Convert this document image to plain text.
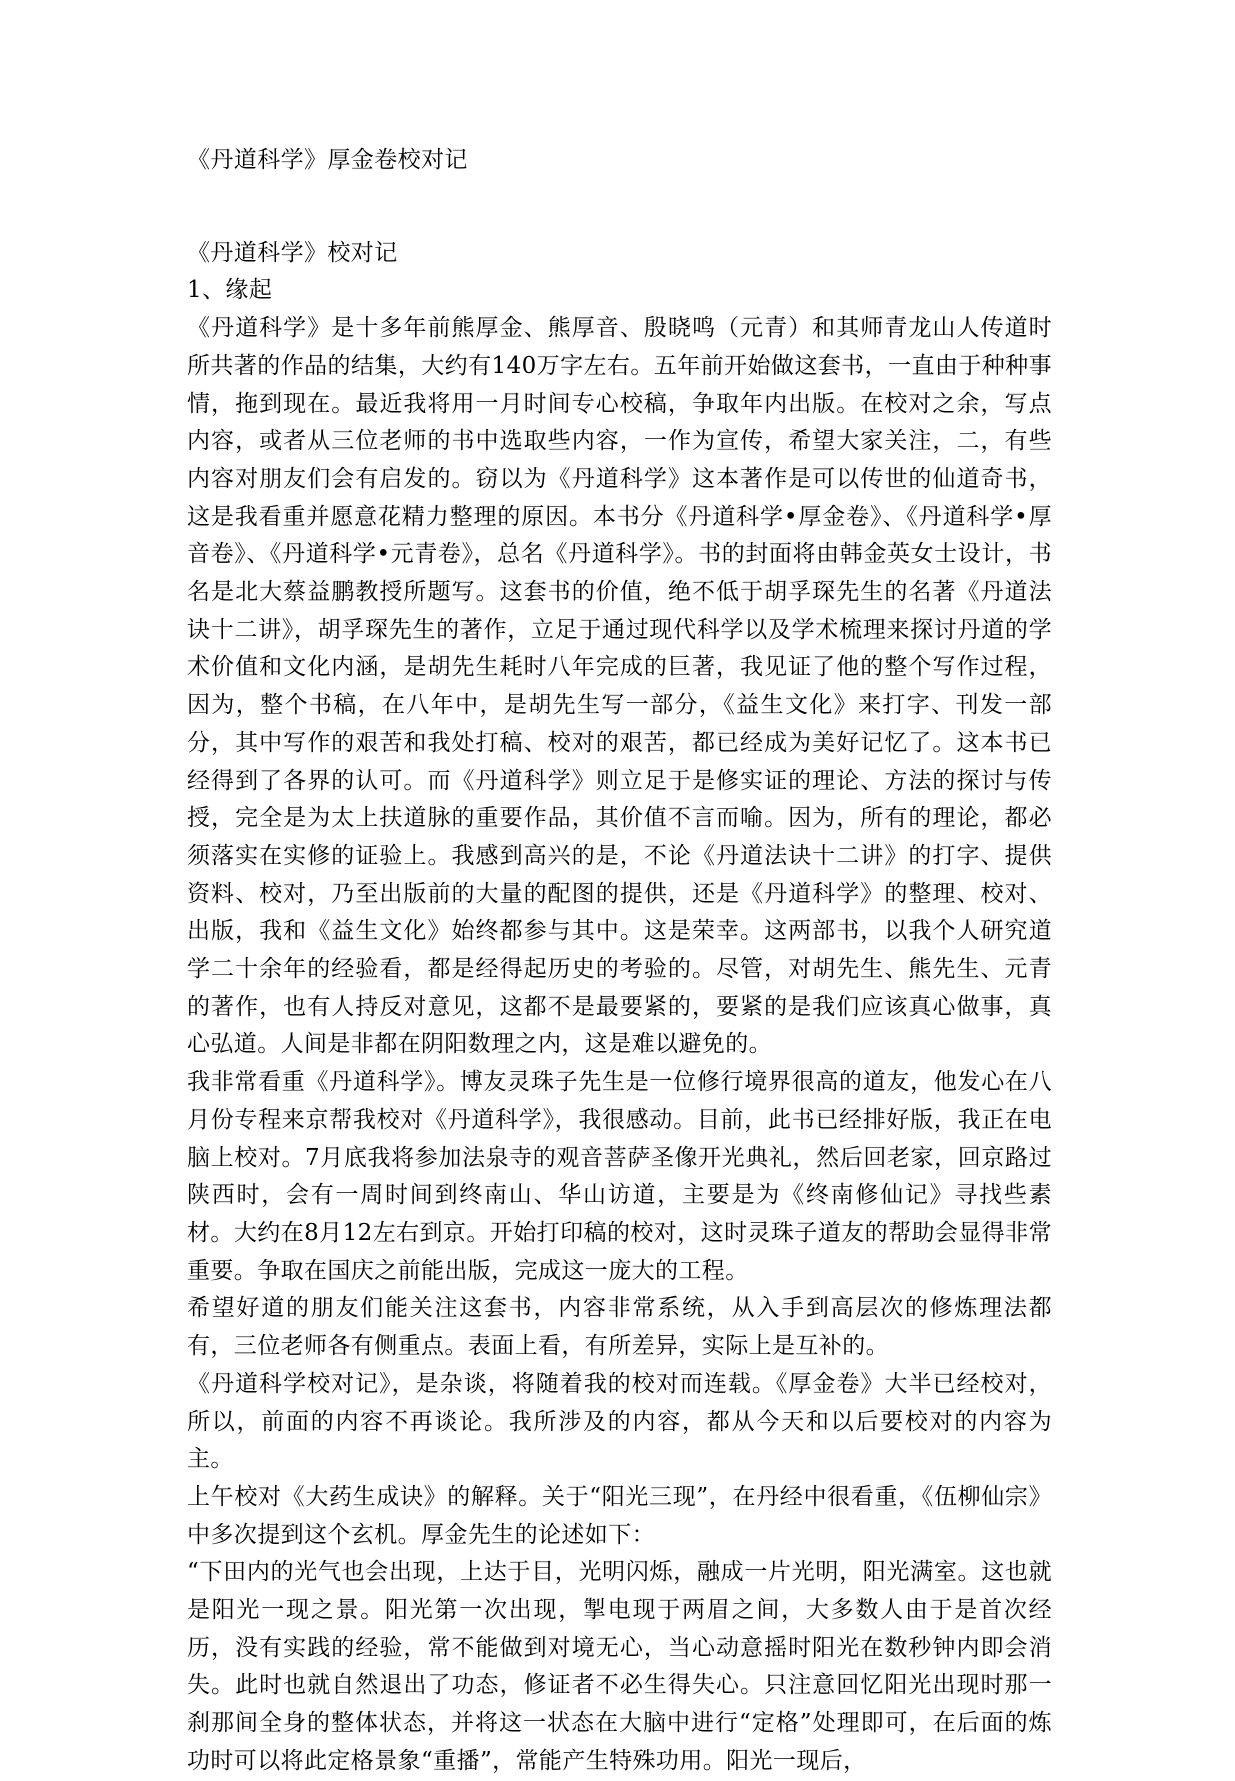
《丹道科学》厚金卷校对记
《丹道科学》校对记
1、缘起

《丹道科学》是十多年前熊厚金、熊厚音、殷晓鸣（元青）和其师青龙山人传道时所共著的作品的结集，大约有140万字左右。五年前开始做这套书，一直由于种种事情，拖到现在。最近我将用一月时间专心校稿，争取年内出版。在校对之余，写点内容，或者从三位老师的书中选取些内容，一作为宣传，希望大家关注，二，有些内容对朋友们会有启发的。窃以为《丹道科学》这本著作是可以传世的仙道奇书，这是我看重并愿意花精力整理的原因。本书分《丹道科学•厚金卷》、《丹道科学•厚音卷》、《丹道科学•元青卷》，总名《丹道科学》。书的封面将由韩金英女士设计，书名是北大蔡益鹏教授所题写。这套书的价值，绝不低于胡孚琛先生的名著《丹道法诀十二讲》，胡孚琛先生的著作，立足于通过现代科学以及学术梳理来探讨丹道的学术价值和文化内涵，是胡先生耗时八年完成的巨著，我见证了他的整个写作过程，因为，整个书稿，在八年中，是胡先生写一部分，《益生文化》来打字、刊发一部分，其中写作的艰苦和我处打稿、校对的艰苦，都已经成为美好记忆了。这本书已经得到了各界的认可。而《丹道科学》则立足于是修实证的理论、方法的探讨与传授，完全是为太上扶道脉的重要作品，其价值不言而喻。因为，所有的理论，都必须落实在实修的证验上。我感到高兴的是，不论《丹道法诀十二讲》的打字、提供资料、校对，乃至出版前的大量的配图的提供，还是《丹道科学》的整理、校对、出版，我和《益生文化》始终都参与其中。这是荣幸。这两部书，以我个人研究道学二十余年的经验看，都是经得起历史的考验的。尽管，对胡先生、熊先生、元青的著作，也有人持反对意见，这都不是最要紧的，要紧的是我们应该真心做事，真心弘道。人间是非都在阴阳数理之内，这是难以避免的。

我非常看重《丹道科学》。博友灵珠子先生是一位修行境界很高的道友，他发心在八月份专程来京帮我校对《丹道科学》，我很感动。目前，此书已经排好版，我正在电脑上校对。7月底我将参加法泉寺的观音菩萨圣像开光典礼，然后回老家，回京路过陕西时，会有一周时间到终南山、华山访道，主要是为《终南修仙记》寻找些素材。大约在8月12左右到京。开始打印稿的校对，这时灵珠子道友的帮助会显得非常重要。争取在国庆之前能出版，完成这一庞大的工程。

希望好道的朋友们能关注这套书，内容非常系统，从入手到高层次的修炼理法都有，三位老师各有侧重点。表面上看，有所差异，实际上是互补的。

《丹道科学校对记》，是杂谈，将随着我的校对而连载。《厚金卷》大半已经校对，所以，前面的内容不再谈论。我所涉及的内容，都从今天和以后要校对的内容为主。

上午校对《大药生成诀》的解释。关于“阳光三现”，在丹经中很看重，《伍柳仙宗》中多次提到这个玄机。厚金先生的论述如下：

“下田内的光气也会出现，上达于目，光明闪烁，融成一片光明，阳光满室。这也就是阳光一现之景。阳光第一次出现，掣电现于两眉之间，大多数人由于是首次经历，没有实践的经验，常不能做到对境无心，当心动意摇时阳光在数秒钟内即会消失。此时也就自然退出了功态，修证者不必生得失心。只注意回忆阳光出现时那一刹那间全身的整体状态，并将这一状态在大脑中进行“定格”处理即可，在后面的炼功时可以将此定格景象“重播”，常能产生特殊功用。阳光一现后，
